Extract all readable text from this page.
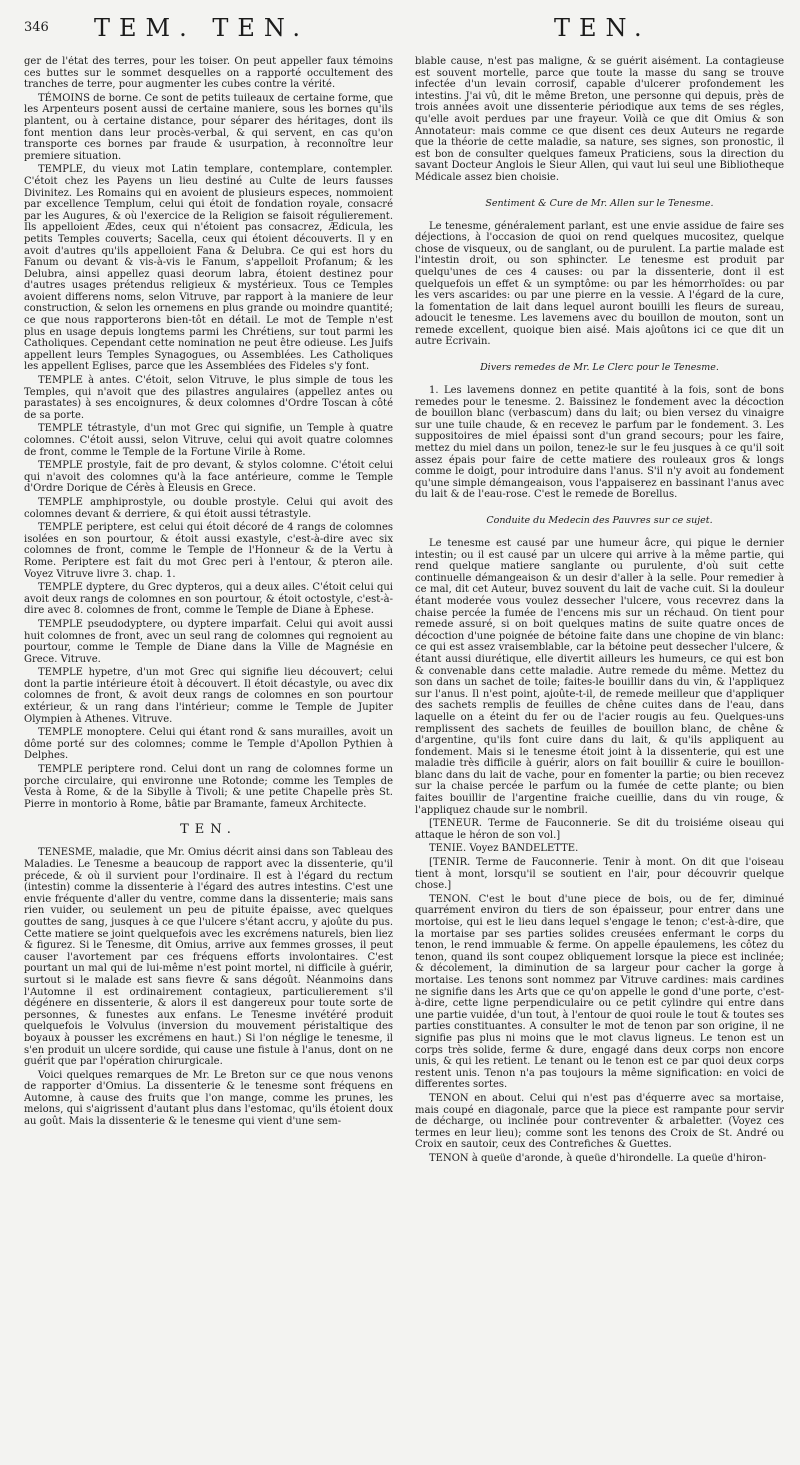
346 TEM. TEN.	TEN.

ger de l'état des terres, pour les toiser. On peut appeller faux témoins ces buttes sur le sommet desquelles on a rapporté occultement des tranches de terre, pour augmenter les cubes contre la vérité.

TÉMOINS de borne. Ce sont de petits tuileaux de certaine forme, que les Arpenteurs posent aussi de certaine maniere, sous les bornes qu'ils plantent, ou à certaine distance, pour séparer des héritages, dont ils font mention dans leur procès-verbal, & qui servent, en cas qu'on transporte ces bornes par fraude & usurpation, à reconnoître leur premiere situation.

TEMPLE, du vieux mot Latin templare, contemplare, contempler. C'étoit chez les Payens un lieu destiné au Culte de leurs fausses Divinitez. Les Romains qui en avoient de plusieurs especes, nommoient par excellence Templum, celui qui étoit de fondation royale, consacré par les Augures, & où l'exercice de la Religion se faisoit régulierement. Ils appelloient Ædes, ceux qui n'étoient pas consacrez, Ædicula, les petits Temples couverts; Sacella, ceux qui étoient découverts. Il y en avoit d'autres qu'ils appelloient Fana & Delubra. Ce qui est hors du Fanum ou devant & vis-à-vis le Fanum, s'appelloit Profanum; & les Delubra, ainsi appellez quasi deorum labra, étoient destinez pour d'autres usages prétendus religieux & mystérieux. Tous ce Temples avoient differens noms, selon Vitruve, par rapport à la maniere de leur construction, & selon les ornemens en plus grande ou moindre quantité; ce que nous rapporterons bien-tôt en détail. Le mot de Temple n'est plus en usage depuis longtems parmi les Chrétiens, sur tout parmi les Catholiques. Cependant cette nomination ne peut être odieuse. Les Juifs appellent leurs Temples Synagogues, ou Assemblées. Les Catholiques les appellent Eglises, parce que les Assemblées des Fideles s'y font.

TEMPLE à antes. C'étoit, selon Vitruve, le plus simple de tous les Temples, qui n'avoit que des pilastres angulaires (appellez antes ou parastates) à ses encoignures, & deux colomnes d'Ordre Toscan à côté de sa porte.

TEMPLE tétrastyle, d'un mot Grec qui signifie, un Temple à quatre colomnes. C'étoit aussi, selon Vitruve, celui qui avoit quatre colomnes de front, comme le Temple de la Fortune Virile à Rome.

TEMPLE prostyle, fait de pro devant, & stylos colomne. C'étoit celui qui n'avoit des colomnes qu'à la face antérieure, comme le Temple d'Ordre Dorique de Cérès à Eleusis en Grece.

TEMPLE amphiprostyle, ou double prostyle. Celui qui avoit des colomnes devant & derriere, & qui étoit aussi tétrastyle.

TEMPLE periptere, est celui qui étoit décoré de 4 rangs de colomnes isolées en son pourtour, & étoit aussi exastyle, c'est-à-dire avec six colomnes de front, comme le Temple de l'Honneur & de la Vertu à Rome. Periptere est fait du mot Grec peri à l'entour, & pteron aile. Voyez Vitruve livre 3. chap. 1.

TEMPLE dyptere, du Grec dypteros, qui a deux ailes. C'étoit celui qui avoit deux rangs de colomnes en son pourtour, & étoit octostyle, c'est-à-dire avec 8. colomnes de front, comme le Temple de Diane à Ephese.

TEMPLE pseudodyptere, ou dyptere imparfait. Celui qui avoit aussi huit colomnes de front, avec un seul rang de colomnes qui regnoient au pourtour, comme le Temple de Diane dans la Ville de Magnésie en Grece. Vitruve.

TEMPLE hypetre, d'un mot Grec qui signifie lieu découvert; celui dont la partie intérieure étoit à découvert. Il étoit décastyle, ou avec dix colomnes de front, & avoit deux rangs de colomnes en son pourtour extérieur, & un rang dans l'intérieur; comme le Temple de Jupiter Olympien à Athenes. Vitruve.

TEMPLE monoptere. Celui qui étant rond & sans murailles, avoit un dôme porté sur des colomnes; comme le Temple d'Apollon Pythien à Delphes.

TEMPLE periptere rond. Celui dont un rang de colomnes forme un porche circulaire, qui environne une Rotonde; comme les Temples de Vesta à Rome, & de la Sibylle à Tivoli; & une petite Chapelle près St. Pierre in montorio à Rome, bâtie par Bramante, fameux Architecte.

TEN.

TENESME, maladie, que Mr. Omius décrit ainsi dans son Tableau des Maladies. Le Tenesme a beaucoup de rapport avec la dissenterie, qu'il précede, & où il survient pour l'ordinaire. Il est à l'égard du rectum (intestin) comme la dissenterie à l'égard des autres intestins. C'est une envie fréquente d'aller du ventre, comme dans la dissenterie; mais sans rien vuider, ou seulement un peu de pituite épaisse, avec quelques gouttes de sang, jusques à ce que l'ulcere s'étant accru, y ajoûte du pus. Cette matiere se joint quelquefois avec les excrémens naturels, bien liez & figurez. Si le Tenesme, dit Omius, arrive aux femmes grosses, il peut causer l'avortement par ces fréquens efforts involontaires. C'est pourtant un mal qui de lui-même n'est point mortel, ni difficile à guérir, surtout si le malade est sans fievre & sans dégoût. Néanmoins dans l'Automne il est ordinairement contagieux, particulierement s'il dégénere en dissenterie, & alors il est dangereux pour toute sorte de personnes, & funestes aux enfans. Le Tenesme invétéré produit quelquefois le Volvulus (inversion du mouvement péristaltique des boyaux à pousser les excrémens en haut.) Si l'on néglige le tenesme, il s'en produit un ulcere sordide, qui cause une fistule à l'anus, dont on ne guérit que par l'opération chirurgicale.

Voici quelques remarques de Mr. Le Breton sur ce que nous venons de rapporter d'Omius. La dissenterie & le tenesme sont fréquens en Automne, à cause des fruits que l'on mange, comme les prunes, les melons, qui s'aigrissent d'autant plus dans l'estomac, qu'ils étoient doux au goût. Mais la dissenterie & le tenesme qui vient d'une sem-

blable cause, n'est pas maligne, & se guérit aisément. La contagieuse est souvent mortelle, parce que toute la masse du sang se trouve infectée d'un levain corrosif, capable d'ulcerer profondement les intestins. J'ai vû, dit le même Breton, une personne qui depuis, près de trois années avoit une dissenterie périodique aux tems de ses régles, qu'elle avoit perdues par une frayeur. Voilà ce que dit Omius & son Annotateur: mais comme ce que disent ces deux Auteurs ne regarde que la théorie de cette maladie, sa nature, ses signes, son pronostic, il est bon de consulter quelques fameux Praticiens, sous la direction du savant Docteur Anglois le Sieur Allen, qui vaut lui seul une Bibliotheque Médicale assez bien choisie.

Sentiment & Cure de Mr. Allen sur le Tenesme.

Le tenesme, généralement parlant, est une envie assidue de faire ses déjections, à l'occasion de quoi on rend quelques mucositez, quelque chose de visqueux, ou de sanglant, ou de purulent. La partie malade est l'intestin droit, ou son sphincter. Le tenesme est produit par quelqu'unes de ces 4 causes: ou par la dissenterie, dont il est quelquefois un effet & un symptôme: ou par les hémorrhoïdes: ou par les vers ascarides: ou par une pierre en la vessie. A l'égard de la cure, la fomentation de lait dans lequel auront bouilli les fleurs de sureau, adoucit le tenesme. Les lavemens avec du bouillon de mouton, sont un remede excellent, quoique bien aisé. Mais ajoûtons ici ce que dit un autre Ecrivain.

Divers remedes de Mr. Le Clerc pour le Tenesme.

1. Les lavemens donnez en petite quantité à la fois, sont de bons remedes pour le tenesme. 2. Baissinez le fondement avec la décoction de bouillon blanc (verbascum) dans du lait; ou bien versez du vinaigre sur une tuile chaude, & en recevez le parfum par le fondement. 3. Les suppositoires de miel épaissi sont d'un grand secours; pour les faire, mettez du miel dans un poilon, tenez-le sur le feu jusques à ce qu'il soit assez épais pour faire de cette matiere des rouleaux gros & longs comme le doigt, pour introduire dans l'anus. S'il n'y avoit au fondement qu'une simple démangeaison, vous l'appaiserez en bassinant l'anus avec du lait & de l'eau-rose. C'est le remede de Borellus.

Conduite du Medecin des Pauvres sur ce sujet.

Le tenesme est causé par une humeur âcre, qui pique le dernier intestin; ou il est causé par un ulcere qui arrive à la même partie, qui rend quelque matiere sanglante ou purulente, d'où suit cette continuelle démangeaison & un desir d'aller à la selle. Pour remedier à ce mal, dit cet Auteur, buvez souvent du lait de vache cuit. Si la douleur étant moderée vous voulez dessecher l'ulcere, vous recevrez dans la chaise percée la fumée de l'encens mis sur un réchaud. On tient pour remede assuré, si on boit quelques matins de suite quatre onces de décoction d'une poignée de bétoine faite dans une chopine de vin blanc: ce qui est assez vraisemblable, car la bétoine peut dessecher l'ulcere, & étant aussi diurétique, elle divertit ailleurs les humeurs, ce qui est bon & convenable dans cette maladie. Autre remede du même. Mettez du son dans un sachet de toile; faites-le bouillir dans du vin, & l'appliquez sur l'anus. Il n'est point, ajoûte-t-il, de remede meilleur que d'appliquer des sachets remplis de feuilles de chêne cuites dans de l'eau, dans laquelle on a éteint du fer ou de l'acier rougis au feu. Quelques-uns remplissent des sachets de feuilles de bouillon blanc, de chêne & d'argentine, qu'ils font cuire dans du lait, & qu'ils appliquent au fondement. Mais si le tenesme étoit joint à la dissenterie, qui est une maladie très difficile à guérir, alors on fait bouillir & cuire le bouillon-blanc dans du lait de vache, pour en fomenter la partie; ou bien recevez sur la chaise percée le parfum ou la fumée de cette plante; ou bien faites bouillir de l'argentine fraiche cueillie, dans du vin rouge, & l'appliquez chaude sur le nombril.

[TENEUR. Terme de Fauconnerie. Se dit du troisiéme oiseau qui attaque le héron de son vol.]

TENIE. Voyez BANDELETTE.

[TENIR. Terme de Fauconnerie. Tenir à mont. On dit que l'oiseau tient à mont, lorsqu'il se soutient en l'air, pour découvrir quelque chose.]

TENON. C'est le bout d'une piece de bois, ou de fer, diminué quarrément environ du tiers de son épaisseur, pour entrer dans une mortoise, qui est le lieu dans lequel s'engage le tenon; c'est-à-dire, que la mortaise par ses parties solides creusées enfermant le corps du tenon, le rend immuable & ferme. On appelle épaulemens, les côtez du tenon, quand ils sont coupez obliquement lorsque la piece est inclinée; & décolement, la diminution de sa largeur pour cacher la gorge à mortaise. Les tenons sont nommez par Vitruve cardines: mais cardines ne signifie dans les Arts que ce qu'on appelle le gond d'une porte, c'est-à-dire, cette ligne perpendiculaire ou ce petit cylindre qui entre dans une partie vuidée, d'un tout, à l'entour de quoi roule le tout & toutes ses parties constituantes. A consulter le mot de tenon par son origine, il ne signifie pas plus ni moins que le mot clavus ligneus. Le tenon est un corps très solide, ferme & dure, engagé dans deux corps non encore unis, & qui les retient. Le tenant ou le tenon est ce par quoi deux corps restent unis. Tenon n'a pas toujours la même signification: en voici de differentes sortes.

TENON en about. Celui qui n'est pas d'équerre avec sa mortaise, mais coupé en diagonale, parce que la piece est rampante pour servir de décharge, ou inclinée pour contreventer & arbaletter. (Voyez ces termes en leur lieu); comme sont les tenons des Croix de St. André ou Croix en sautoir, ceux des Contrefiches & Guettes.

TENON à queüe d'aronde, à queüe d'hirondelle. La queüe d'hiron-
